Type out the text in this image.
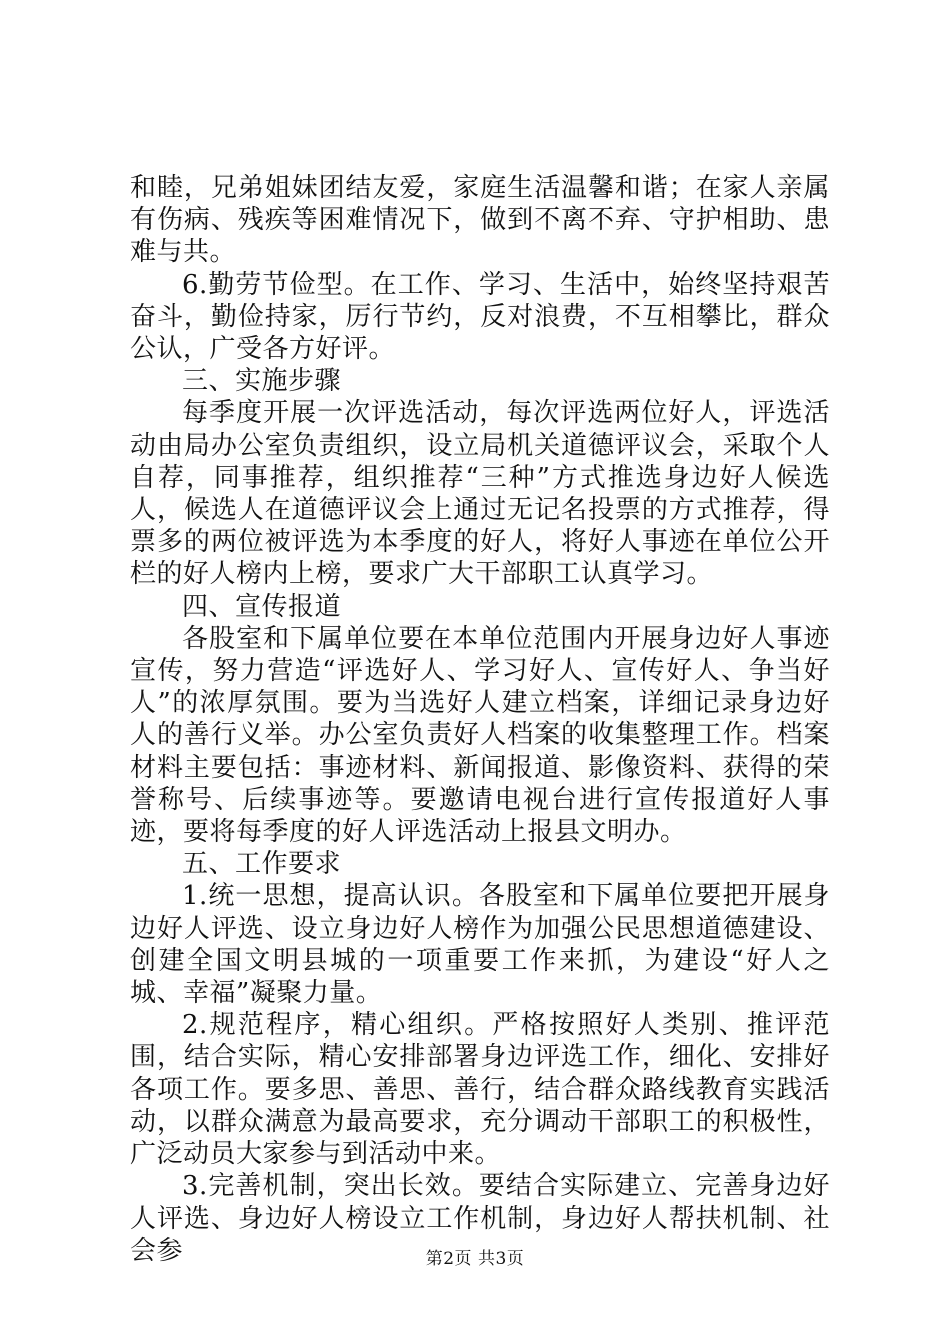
和睦，兄弟姐妹团结友爱，家庭生活温馨和谐；在家人亲属有伤病、残疾等困难情况下，做到不离不弃、守护相助、患难与共。

6.勤劳节俭型。在工作、学习、生活中，始终坚持艰苦奋斗，勤俭持家，厉行节约，反对浪费，不互相攀比，群众公认，广受各方好评。

三、实施步骤

每季度开展一次评选活动，每次评选两位好人，评选活动由局办公室负责组织，设立局机关道德评议会，采取个人自荐，同事推荐，组织推荐“三种”方式推选身边好人候选人，候选人在道德评议会上通过无记名投票的方式推荐，得票多的两位被评选为本季度的好人，将好人事迹在单位公开栏的好人榜内上榜，要求广大干部职工认真学习。

四、宣传报道

各股室和下属单位要在本单位范围内开展身边好人事迹宣传，努力营造“评选好人、学习好人、宣传好人、争当好人”的浓厚氛围。要为当选好人建立档案，详细记录身边好人的善行义举。办公室负责好人档案的收集整理工作。档案材料主要包括：事迹材料、新闻报道、影像资料、获得的荣誉称号、后续事迹等。要邀请电视台进行宣传报道好人事迹，要将每季度的好人评选活动上报县文明办。

五、工作要求

1.统一思想，提高认识。各股室和下属单位要把开展身边好人评选、设立身边好人榜作为加强公民思想道德建设、创建全国文明县城的一项重要工作来抓，为建设“好人之城、幸福”凝聚力量。

2.规范程序，精心组织。严格按照好人类别、推评范围，结合实际，精心安排部署身边评选工作，细化、安排好各项工作。要多思、善思、善行，结合群众路线教育实践活动，以群众满意为最高要求，充分调动干部职工的积极性，广泛动员大家参与到活动中来。

3.完善机制，突出长效。要结合实际建立、完善身边好人评选、身边好人榜设立工作机制，身边好人帮扶机制、社会参	第2页 共3页
